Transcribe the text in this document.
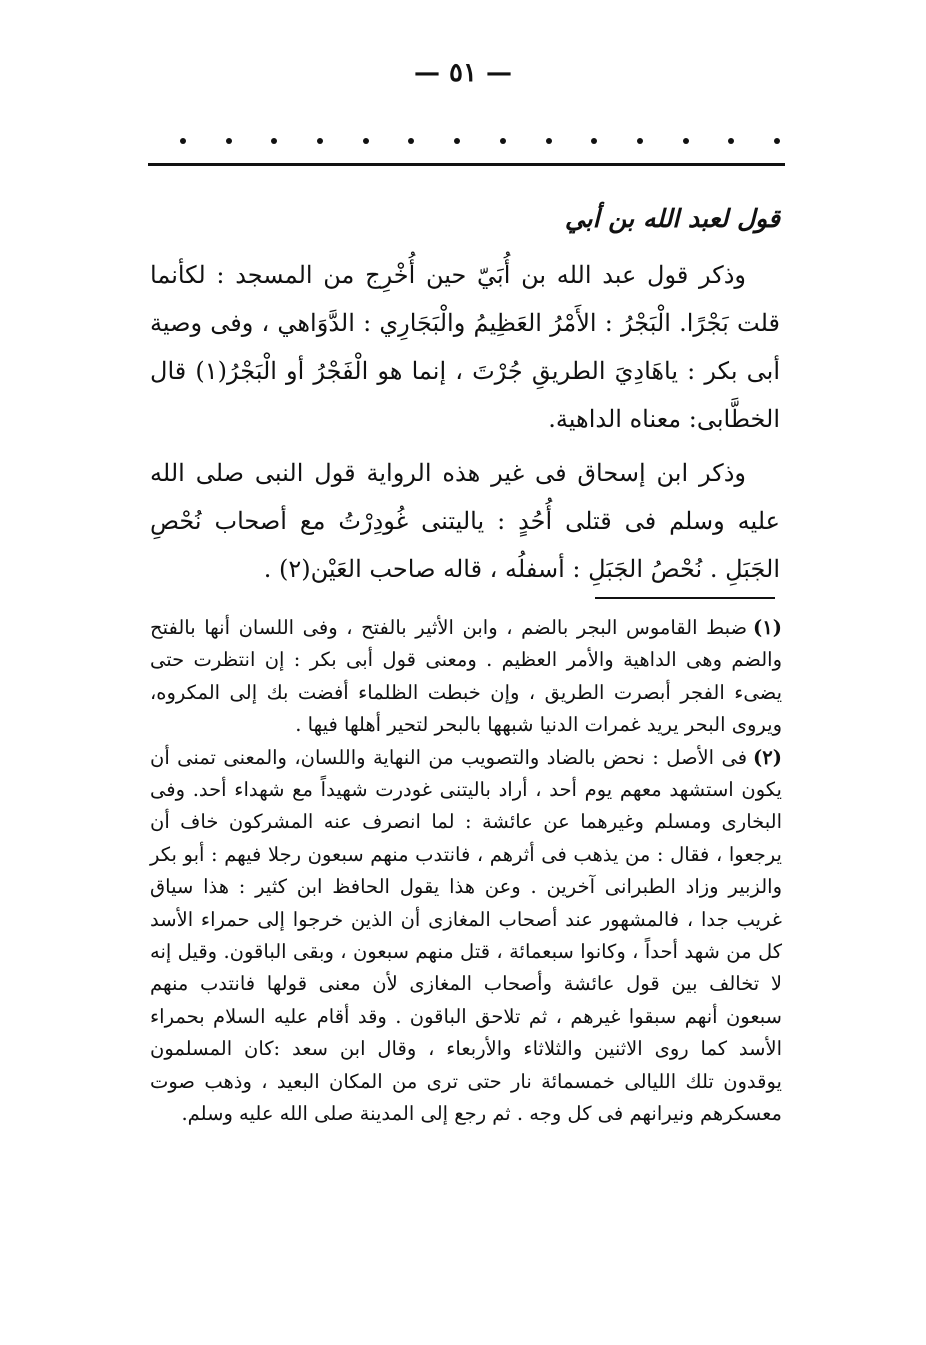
— ٥١ —
قول لعبد الله بن أبي

وذكر قول عبد الله بن أُبَيّ حين أُخْرِج من المسجد : لكأنما قلت بَجْرًا. الْبَجْرُ : الأَمْرُ العَظِيمُ والْبَجَارِي : الدَّوَاهي ، وفى وصية أبى بكر : ياهَادِيَ الطريقِ جُرْتَ ، إنما هو الْفَجْرُ أو الْبَجْرُ(١) قال الخطَّابى: معناه الداهية.

وذكر ابن إسحاق فى غير هذه الرواية قول النبى صلى الله عليه وسلم فى قتلى أُحُدٍ : ياليتنى غُودِرْتُ مع أصحاب نُحْصِ الجَبَلِ . نُحْصُ الجَبَلِ : أسفلُه ، قاله صاحب العَيْن(٢) .

(١)ضبط القاموس البجر بالضم ، وابن الأثير بالفتح ، وفى اللسان أنها بالفتح والضم وهى الداهية والأمر العظيم . ومعنى قول أبى بكر : إن انتظرت حتى يضىء الفجر أبصرت الطريق ، وإن خبطت الظلماء أفضت بك إلى المكروه، ويروى البحر يريد غمرات الدنيا شبهها بالبحر لتحير أهلها فيها .

(٢)فى الأصل : نحض بالضاد والتصويب من النهاية واللسان، والمعنى تمنى أن يكون استشهد معهم يوم أحد ، أراد باليتنى غودرت شهيداً مع شهداء أحد. وفى البخارى ومسلم وغيرهما عن عائشة : لما انصرف عنه المشركون خاف أن يرجعوا ، فقال : من يذهب فى أثرهم ، فانتدب منهم سبعون رجلا فيهم : أبو بكر والزبير وزاد الطبرانى آخرين . وعن هذا يقول الحافظ ابن كثير : هذا سياق غريب جدا ، فالمشهور عند أصحاب المغازى أن الذين خرجوا إلى حمراء الأسد كل من شهد أحداً ، وكانوا سبعمائة ، قتل منهم سبعون ، وبقى الباقون. وقيل إنه لا تخالف بين قول عائشة وأصحاب المغازى لأن معنى قولها فانتدب منهم سبعون أنهم سبقوا غيرهم ، ثم تلاحق الباقون . وقد أقام عليه السلام بحمراء الأسد كما روى الاثنين والثلاثاء والأربعاء ، وقال ابن سعد :كان المسلمون يوقدون تلك الليالى خمسمائة نار حتى ترى من المكان البعيد ، وذهب صوت معسكرهم ونيرانهم فى كل وجه . ثم رجع إلى المدينة صلى الله عليه وسلم.
